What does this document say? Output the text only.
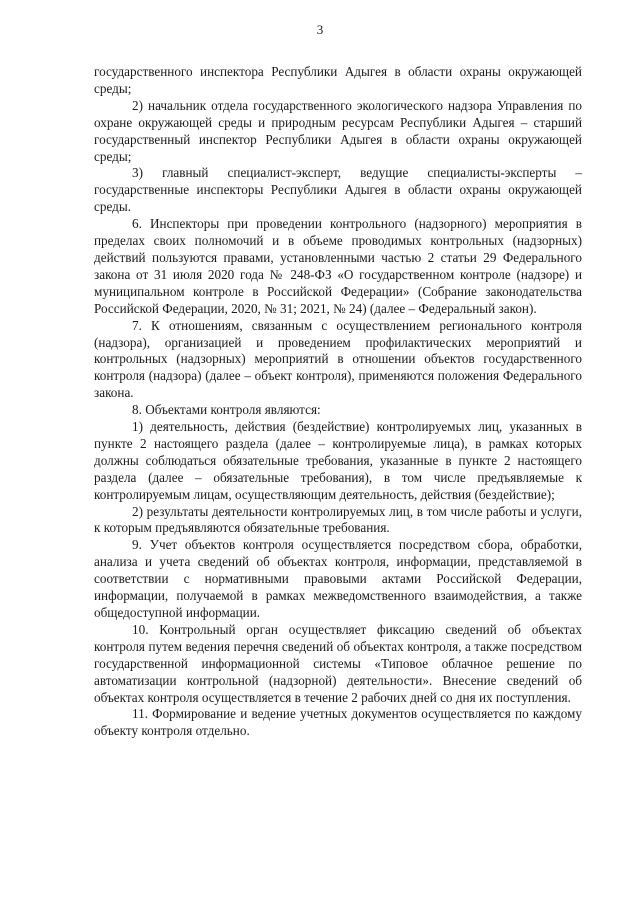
3

государственного инспектора Республики Адыгея в области охраны окружающей среды;

2) начальник отдела государственного экологического надзора Управления по охране окружающей среды и природным ресурсам Республики Адыгея – старший государственный инспектор Республики Адыгея в области охраны окружающей среды;

3) главный специалист-эксперт, ведущие специалисты-эксперты – государственные инспекторы Республики Адыгея в области охраны окружающей среды.

6. Инспекторы при проведении контрольного (надзорного) мероприятия в пределах своих полномочий и в объеме проводимых контрольных (надзорных) действий пользуются правами, установленными частью 2 статьи 29 Федерального закона от 31 июля 2020 года № 248-ФЗ «О государственном контроле (надзоре) и муниципальном контроле в Российской Федерации» (Собрание законодательства Российской Федерации, 2020, № 31; 2021, № 24) (далее – Федеральный закон).

7. К отношениям, связанным с осуществлением регионального контроля (надзора), организацией и проведением профилактических мероприятий и контрольных (надзорных) мероприятий в отношении объектов государственного контроля (надзора) (далее – объект контроля), применяются положения Федерального закона.

8. Объектами контроля являются:

1) деятельность, действия (бездействие) контролируемых лиц, указанных в пункте 2 настоящего раздела (далее – контролируемые лица), в рамках которых должны соблюдаться обязательные требования, указанные в пункте 2 настоящего раздела (далее – обязательные требования), в том числе предъявляемые к контролируемым лицам, осуществляющим деятельность, действия (бездействие);

2) результаты деятельности контролируемых лиц, в том числе работы и услуги, к которым предъявляются обязательные требования.

9. Учет объектов контроля осуществляется посредством сбора, обработки, анализа и учета сведений об объектах контроля, информации, представляемой в соответствии с нормативными правовыми актами Российской Федерации, информации, получаемой в рамках межведомственного взаимодействия, а также общедоступной информации.

10. Контрольный орган осуществляет фиксацию сведений об объектах контроля путем ведения перечня сведений об объектах контроля, а также посредством государственной информационной системы «Типовое облачное решение по автоматизации контрольной (надзорной) деятельности». Внесение сведений об объектах контроля осуществляется в течение 2 рабочих дней со дня их поступления.

11. Формирование и ведение учетных документов осуществляется по каждому объекту контроля отдельно.
